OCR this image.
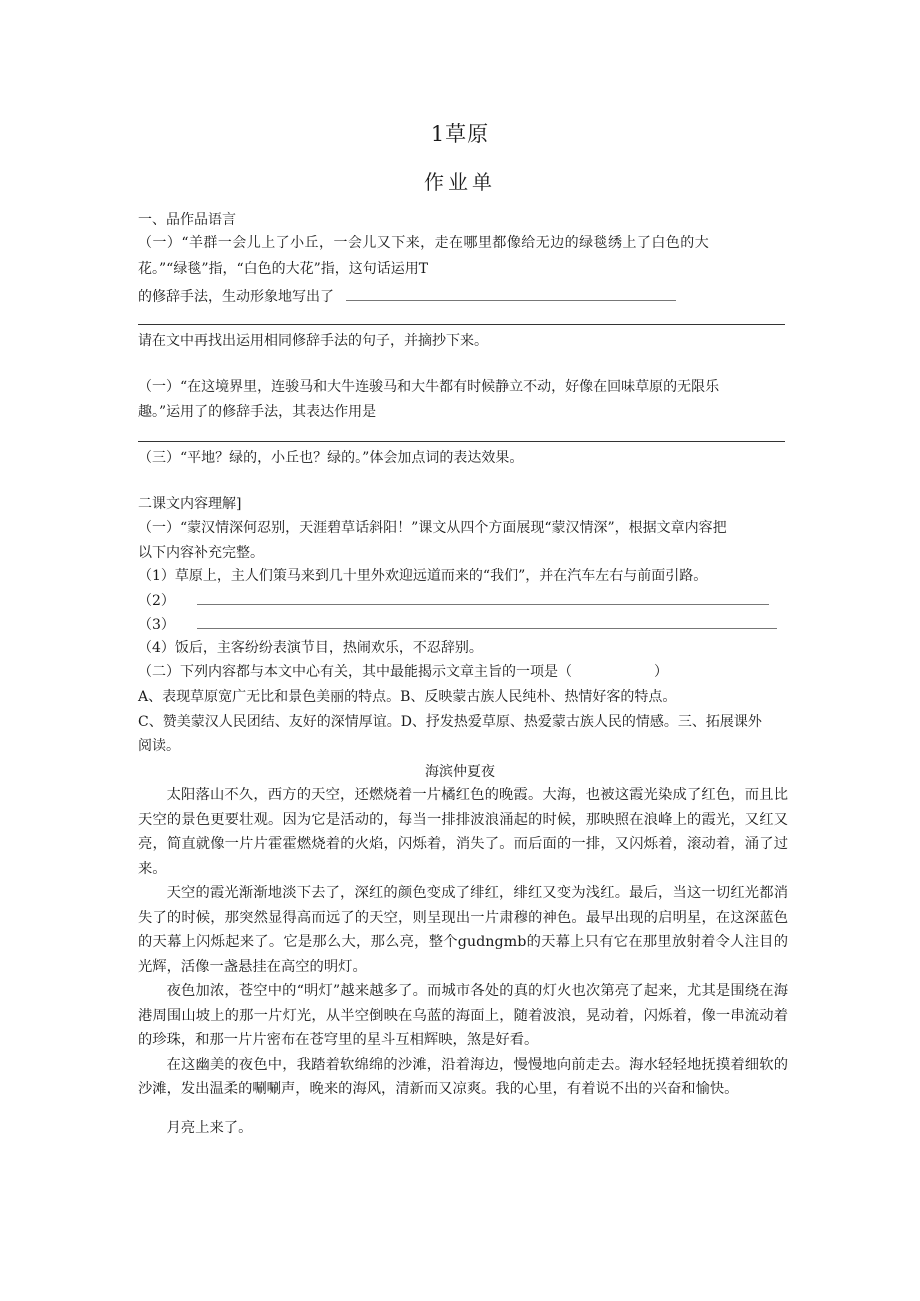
1草原
作业单
一、品作品语言
（一）“羊群一会儿上了小丘，一会儿又下来，走在哪里都像给无边的绿毯绣上了白色的大
花。”“绿毯”指，“白色的大花”指，这句话运用T
的修辞手法，生动形象地写出了
请在文中再找出运用相同修辞手法的句子，并摘抄下来。
（一）“在这境界里，连骏马和大牛连骏马和大牛都有时候静立不动，好像在回味草原的无限乐
趣。”运用了的修辞手法，其表达作用是
（三）“平地？绿的，小丘也？绿的。”体会加点词的表达效果。
二课文内容理解]
（一）“蒙汉情深何忍别，天涯碧草话斜阳！”课文从四个方面展现“蒙汉情深”，根据文章内容把
以下内容补充完整。
（1）草原上，主人们策马来到几十里外欢迎远道而来的“我们”，并在汽车左右与前面引路。
（2）
（3）
（4）饭后，主客纷纷表演节目，热闹欢乐，不忍辞别。
（二）下列内容都与本文中心有关，其中最能揭示文章主旨的一项是（	）
A、表现草原宽广无比和景色美丽的特点。B、反映蒙古族人民纯朴、热情好客的特点。
C、赞美蒙汉人民团结、友好的深情厚谊。D、抒发热爱草原、热爱蒙古族人民的情感。三、拓展课外
阅读。
海滨仲夏夜

太阳落山不久，西方的天空，还燃烧着一片橘红色的晚霞。大海，也被这霞光染成了红色，而且比天空的景色更要壮观。因为它是活动的，每当一排排波浪涌起的时候，那映照在浪峰上的霞光，又红又亮，简直就像一片片霍霍燃烧着的火焰，闪烁着，消失了。而后面的一排，又闪烁着，滚动着，涌了过来。

天空的霞光渐渐地淡下去了，深红的颜色变成了绯红，绯红又变为浅红。最后，当这一切红光都消失了的时候，那突然显得高而远了的天空，则呈现出一片肃穆的神色。最早出现的启明星，在这深蓝色的天幕上闪烁起来了。它是那么大，那么亮，整个gudngmb的天幕上只有它在那里放射着令人注目的光辉，活像一盏悬挂在高空的明灯。

夜色加浓，苍空中的“明灯”越来越多了。而城市各处的真的灯火也次第亮了起来，尤其是围绕在海港周围山坡上的那一片灯光，从半空倒映在乌蓝的海面上，随着波浪，晃动着，闪烁着，像一串流动着的珍珠，和那一片片密布在苍穹里的星斗互相辉映，煞是好看。

在这幽美的夜色中，我踏着软绵绵的沙滩，沿着海边，慢慢地向前走去。海水轻轻地抚摸着细软的沙滩，发出温柔的唰唰声，晚来的海风，清新而又凉爽。我的心里，有着说不出的兴奋和愉快。

月亮上来了。
